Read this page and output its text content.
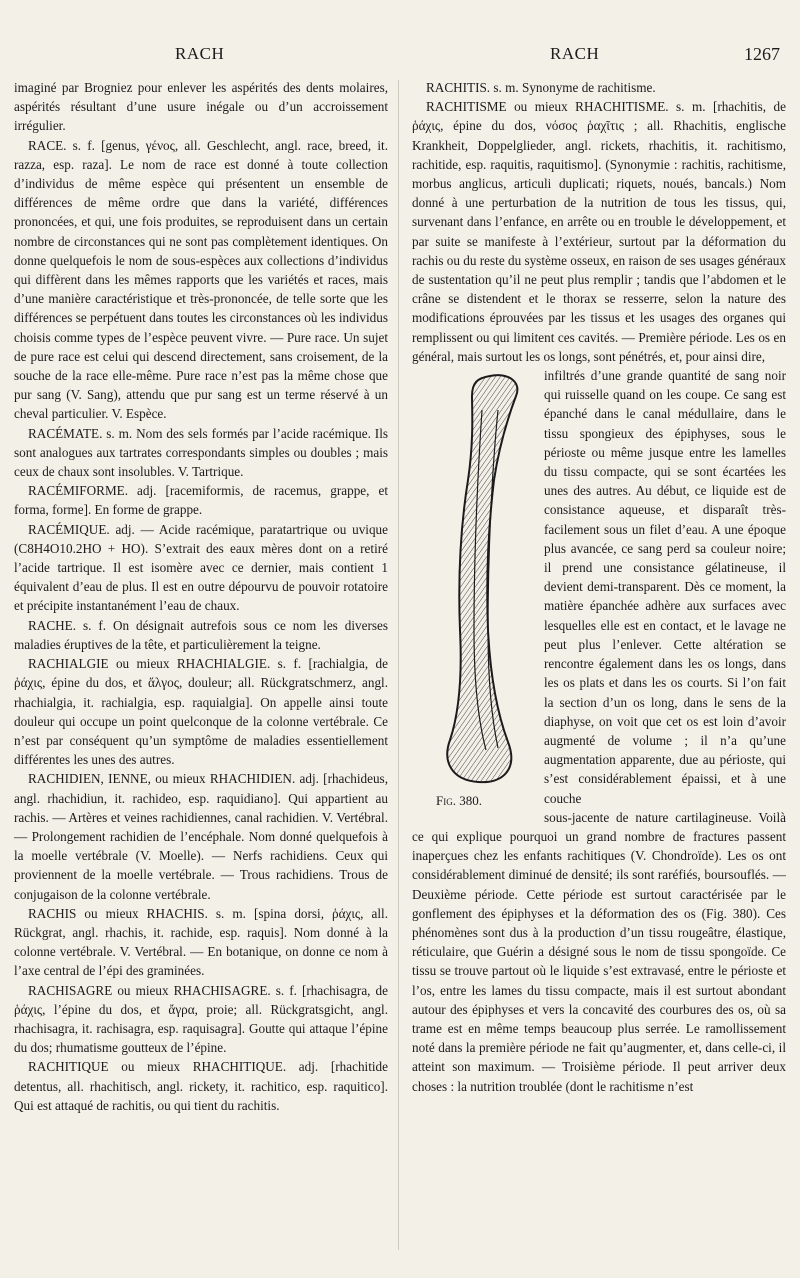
RACH	RACH	1267

imaginé par Brogniez pour enlever les aspérités des dents molaires, aspérités résultant d’une usure inégale ou d’un accroissement irrégulier.

RACE. s. f. [genus, γένος, all. Geschlecht, angl. race, breed, it. razza, esp. raza]. Le nom de race est donné à toute collection d’individus de même espèce qui présentent un ensemble de différences de même ordre que dans la variété, différences prononcées, et qui, une fois produites, se reproduisent dans un certain nombre de circonstances qui ne sont pas complètement identiques. On donne quelquefois le nom de sous-espèces aux collections d’individus qui diffèrent dans les mêmes rapports que les variétés et races, mais d’une manière caractéristique et très-prononcée, de telle sorte que les différences se perpétuent dans toutes les circonstances où les individus choisis comme types de l’espèce peuvent vivre. — Pure race. Un sujet de pure race est celui qui descend directement, sans croisement, de la souche de la race elle-même. Pure race n’est pas la même chose que pur sang (V. Sang), attendu que pur sang est un terme réservé à un cheval particulier. V. Espèce.

RACÉMATE. s. m. Nom des sels formés par l’acide racémique. Ils sont analogues aux tartrates correspondants simples ou doubles ; mais ceux de chaux sont insolubles. V. Tartrique.

RACÉMIFORME. adj. [racemiformis, de racemus, grappe, et forma, forme]. En forme de grappe.

RACÉMIQUE. adj. — Acide racémique, paratartrique ou uvique (C8H4O10.2HO + HO). S’extrait des eaux mères dont on a retiré l’acide tartrique. Il est isomère avec ce dernier, mais contient 1 équivalent d’eau de plus. Il est en outre dépourvu de pouvoir rotatoire et précipite instantanément l’eau de chaux.

RACHE. s. f. On désignait autrefois sous ce nom les diverses maladies éruptives de la tête, et particulièrement la teigne.

RACHIALGIE ou mieux RHACHIALGIE. s. f. [rachialgia, de ῥάχις, épine du dos, et ἄλγος, douleur; all. Rückgratschmerz, angl. rhachialgia, it. rachialgia, esp. raquialgia]. On appelle ainsi toute douleur qui occupe un point quelconque de la colonne vertébrale. Ce n’est par conséquent qu’un symptôme de maladies essentiellement différentes les unes des autres.

RACHIDIEN, IENNE, ou mieux RHACHIDIEN. adj. [rhachideus, angl. rhachidiun, it. rachideo, esp. raquidiano]. Qui appartient au rachis. — Artères et veines rachidiennes, canal rachidien. V. Vertébral. — Prolongement rachidien de l’encéphale. Nom donné quelquefois à la moelle vertébrale (V. Moelle). — Nerfs rachidiens. Ceux qui proviennent de la moelle vertébrale. — Trous rachidiens. Trous de conjugaison de la colonne vertébrale.

RACHIS ou mieux RHACHIS. s. m. [spina dorsi, ῥάχις, all. Rückgrat, angl. rhachis, it. rachide, esp. raquis]. Nom donné à la colonne vertébrale. V. Vertébral. — En botanique, on donne ce nom à l’axe central de l’épi des graminées.

RACHISAGRE ou mieux RHACHISAGRE. s. f. [rhachisagra, de ῥάχις, l’épine du dos, et ἄγρα, proie; all. Rückgratsgicht, angl. rhachisagra, it. rachisagra, esp. raquisagra]. Goutte qui attaque l’épine du dos; rhumatisme goutteux de l’épine.

RACHITIQUE ou mieux RHACHITIQUE. adj. [rhachitide detentus, all. rhachitisch, angl. rickety, it. rachitico, esp. raquitico]. Qui est attaqué de rachitis, ou qui tient du rachitis.

RACHITIS. s. m. Synonyme de rachitisme.

RACHITISME ou mieux RHACHITISME. s. m. [rhachitis, de ῥάχις, épine du dos, νόσος ῥαχῖτις ; all. Rhachitis, englische Krankheit, Doppelglieder, angl. rickets, rhachitis, it. rachitismo, rachitide, esp. raquitis, raquitismo]. (Synonymie : rachitis, rachitisme, morbus anglicus, articuli duplicati; riquets, noués, bancals.) Nom donné à une perturbation de la nutrition de tous les tissus, qui, survenant dans l’enfance, en arrête ou en trouble le développement, et par suite se manifeste à l’extérieur, surtout par la déformation du rachis ou du reste du système osseux, en raison de ses usages généraux de sustentation qu’il ne peut plus remplir ; tandis que l’abdomen et le crâne se distendent et le thorax se resserre, selon la nature des modifications éprouvées par les tissus et les usages des organes qui remplissent ou qui limitent ces cavités. — Première période. Les os en général, mais surtout les os longs, sont pénétrés, et, pour ainsi dire,

Fig. 380.

infiltrés d’une grande quantité de sang noir qui ruisselle quand on les coupe. Ce sang est épanché dans le canal médullaire, dans le tissu spongieux des épiphyses, sous le périoste ou même jusque entre les lamelles du tissu compacte, qui se sont écartées les unes des autres. Au début, ce liquide est de consistance aqueuse, et disparaît très-facilement sous un filet d’eau. A une époque plus avancée, ce sang perd sa couleur noire; il prend une consistance gélatineuse, il devient demi-transparent. Dès ce moment, la matière épanchée adhère aux surfaces avec lesquelles elle est en contact, et le lavage ne peut plus l’enlever. Cette altération se rencontre également dans les os longs, dans les os plats et dans les os courts. Si l’on fait la section d’un os long, dans le sens de la diaphyse, on voit que cet os est loin d’avoir augmenté de volume ; il n’a qu’une augmentation apparente, due au périoste, qui s’est considérablement épaissi, et à une couche

sous-jacente de nature cartilagineuse. Voilà ce qui explique pourquoi un grand nombre de fractures passent inaperçues chez les enfants rachitiques (V. Chondroïde). Les os ont considérablement diminué de densité; ils sont raréfiés, boursouflés. — Deuxième période. Cette période est surtout caractérisée par le gonflement des épiphyses et la déformation des os (Fig. 380). Ces phénomènes sont dus à la production d’un tissu rougeâtre, élastique, réticulaire, que Guérin a désigné sous le nom de tissu spongoïde. Ce tissu se trouve partout où le liquide s’est extravasé, entre le périoste et l’os, entre les lames du tissu compacte, mais il est surtout abondant autour des épiphyses et vers la concavité des courbures des os, où sa trame est en même temps beaucoup plus serrée. Le ramollissement noté dans la première période ne fait qu’augmenter, et, dans celle-ci, il atteint son maximum. — Troisième période. Il peut arriver deux choses : la nutrition troublée (dont le rachitisme n’est
